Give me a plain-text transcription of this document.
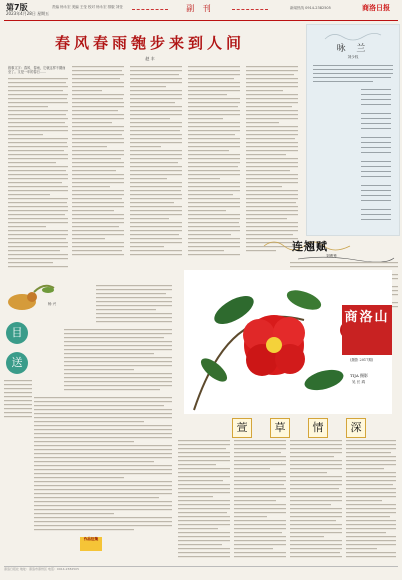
第7版
2023年4月28日 星期五
责编 杨永宏 美编 王莹 校对 杨永宏 排版 刘莹	副 刊	新闻热线 0914-2382505	商洛日报
春风春雨匏步来到人间
赵 丰
叙事文字：春风、春雨，它就这样不期而至了。又是一年的春日……
咏 兰
刘少权
连翘赋
刘惠秀
目
送
杨 兴
商洛山
(摄影 2017期)
TIJA 摄影
吴 长 鸿
萱	草	情	深
作品征集
商洛日报社 地址：商洛市商州区 电话：0914-2382505
